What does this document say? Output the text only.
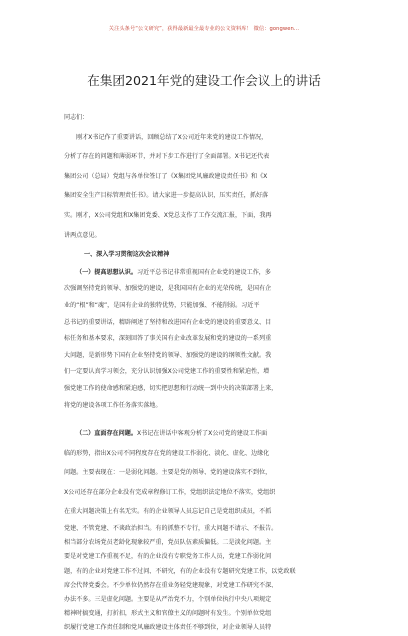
关注头条号“公文研究”，获得最新最全最专业的公文资料库！ 微信：gongwen...
在集团2021年党的建设工作会议上的讲话
同志们：
刚才X书记作了重要讲话，回顾总结了X公司近年来党的建设工作情况，
分析了存在的问题和薄弱环节，并对下步工作进行了全面部署。X书记还代表
集团公司（总局）党组与各单位签订了《X集团党风廉政建设责任书》和《X
集团安全生产目标管理责任书》。请大家进一步提高认识，压实责任，抓好落
实。刚才，X公司党组和X集团党委、X党总支作了工作交流汇报，下面，我再
讲两点意见。
一、深入学习贯彻这次会议精神
（一）提高思想认识。习近平总书记非常重视国有企业党的建设工作，多
次强调坚持党的领导、加强党的建设，是我国国有企业的光荣传统，是国有企
业的“根”和“魂”，是国有企业的独特优势，只能加强、不能削弱。习近平
总书记的重要讲话，精辟阐述了坚持和改进国有企业党的建设的重要意义、目
标任务和基本要求，深刻回答了事关国有企业改革发展和党的建设的一系列重
大问题，是新形势下国有企业坚持党的领导、加强党的建设的纲领性文献。我
们一定要认真学习领会，充分认识加强X公司党建工作的重要性和紧迫性，增
强党建工作的使命感和紧迫感，切实把思想和行动统一到中央的决策部署上来，
将党的建设各项工作任务落实落地。
（二）直面存在问题。X书记在讲话中客观分析了X公司党的建设工作面
临的形势，指出X公司不同程度存在党的建设工作弱化、淡化、虚化、边缘化
问题。主要表现在：一是弱化问题。主要是党的领导、党的建设落实不到位，
X公司还存在部分企业没有完成章程修订工作，党组织法定地位不落实，党组织
在重大问题决策上有名无实。有的企业领导人员忘记自己是党组织成员，不抓
党建、不管党建、不谈政治担当。有的抓整不专行，重大问题不请示、不报告。
相当部分农场党员老龄化现象较严重，党员队伍素质偏低。二是淡化问题。主
要是对党建工作重视不足，有的企业没有专职党务工作人员，党建工作弱化问
题，有的企业对党建工作不过问、不研究，有的企业没有专题研究党建工作，以党政联
席会代替党委会。不少单位仍然存在重业务轻党建现象，对党建工作研究不深、
办法不多。三是虚化问题。主要是从严治党不力，个别单位执行中央八项规定
精神时搞变通，打折扣，形式主义和官僚主义的问题时有发生。个别单位党组
织履行党建工作责任制和党风廉政建设主体责任不够到位，对企业领导人员特
